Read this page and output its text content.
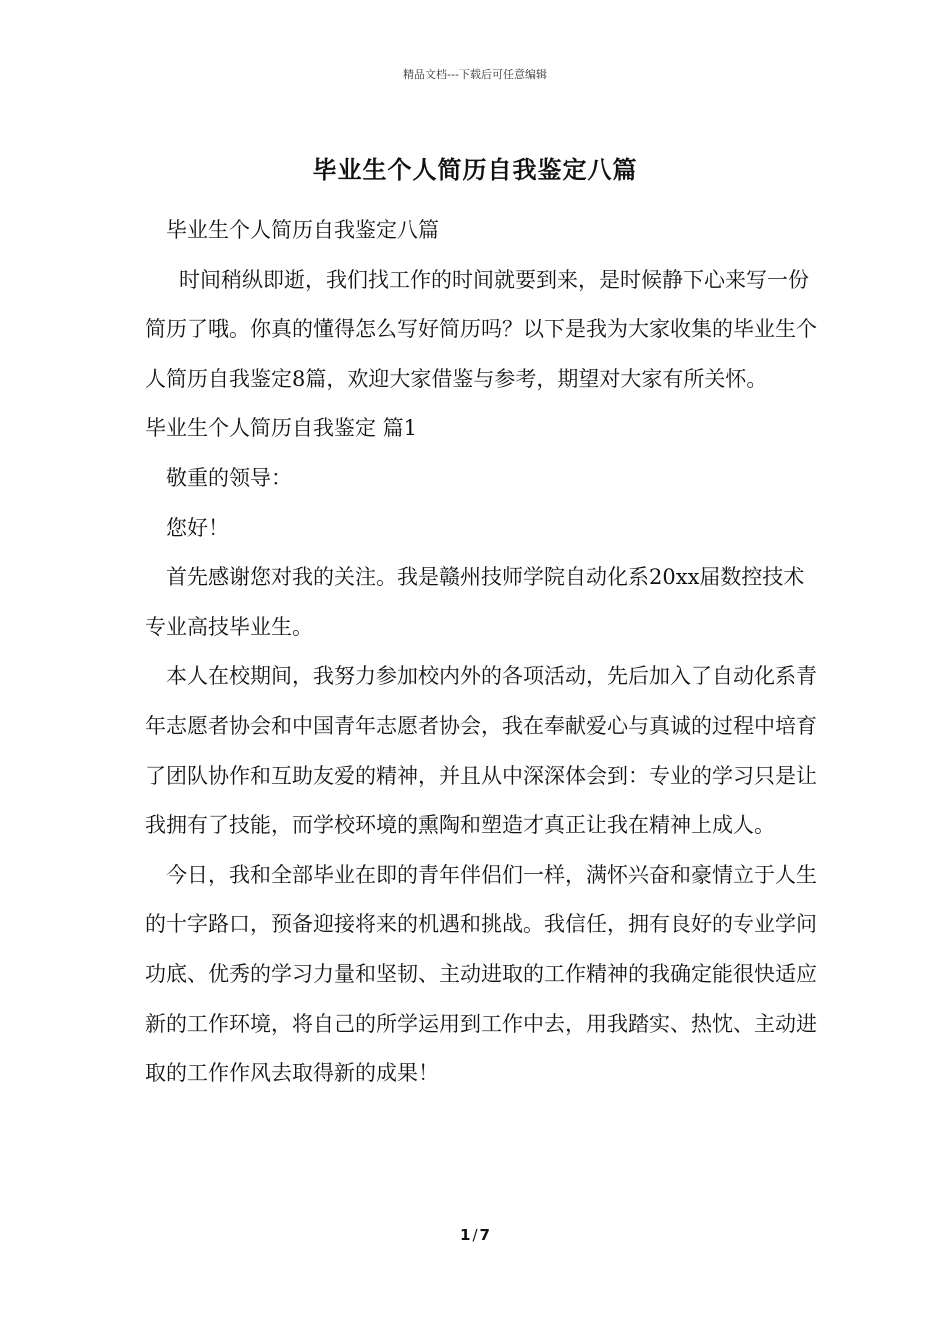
精品文档---下载后可任意编辑
毕业生个人简历自我鉴定八篇

毕业生个人简历自我鉴定八篇

时间稍纵即逝，我们找工作的时间就要到来，是时候静下心来写一份简历了哦。你真的懂得怎么写好简历吗？以下是我为大家收集的毕业生个人简历自我鉴定8篇，欢迎大家借鉴与参考，期望对大家有所关怀。

毕业生个人简历自我鉴定 篇1

敬重的领导：

您好！

首先感谢您对我的关注。我是赣州技师学院自动化系20xx届数控技术专业高技毕业生。

本人在校期间，我努力参加校内外的各项活动，先后加入了自动化系青年志愿者协会和中国青年志愿者协会，我在奉献爱心与真诚的过程中培育了团队协作和互助友爱的精神，并且从中深深体会到：专业的学习只是让我拥有了技能，而学校环境的熏陶和塑造才真正让我在精神上成人。

今日，我和全部毕业在即的青年伴侣们一样，满怀兴奋和豪情立于人生的十字路口，预备迎接将来的机遇和挑战。我信任，拥有良好的专业学问功底、优秀的学习力量和坚韧、主动进取的工作精神的我确定能很快适应新的工作环境，将自己的所学运用到工作中去，用我踏实、热忱、主动进取的工作作风去取得新的成果！

1 / 7
